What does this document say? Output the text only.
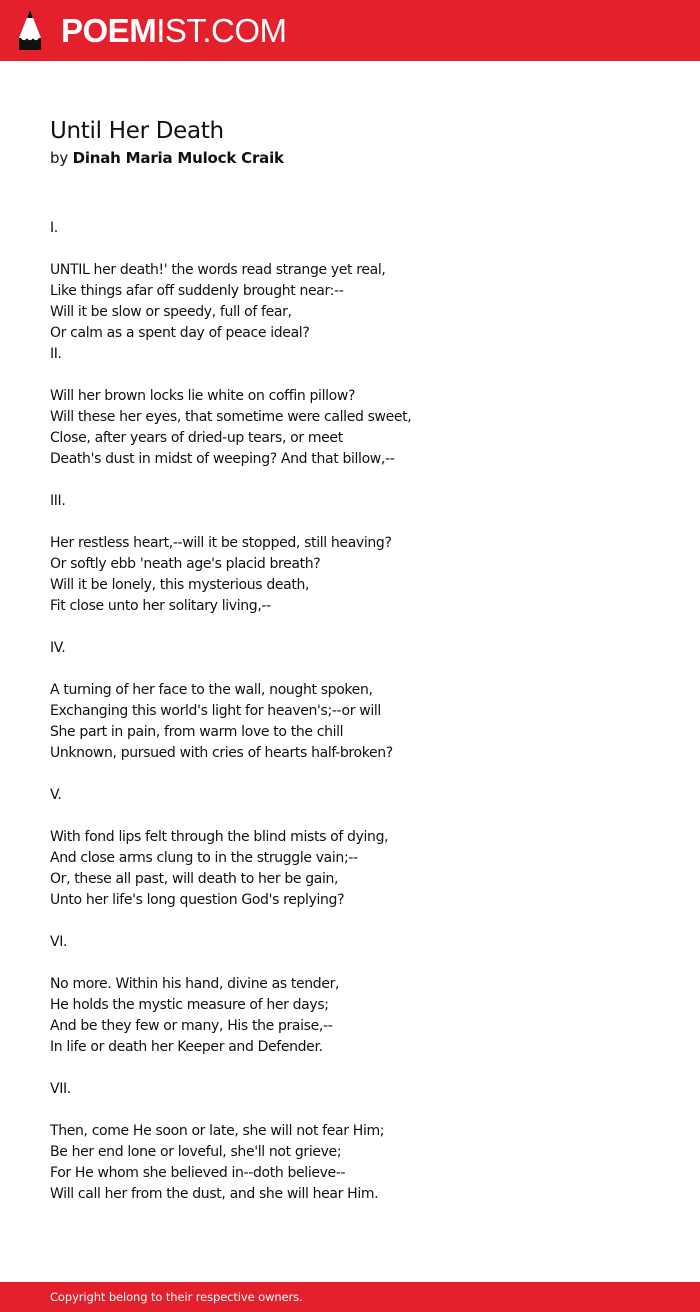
POEMIST.COM
Until Her Death
by Dinah Maria Mulock Craik
I.
UNTIL her death!' the words read strange yet real,
Like things afar off suddenly brought near:--
Will it be slow or speedy, full of fear,
Or calm as a spent day of peace ideal?
II.
Will her brown locks lie white on coffin pillow?
Will these her eyes, that sometime were called sweet,
Close, after years of dried-up tears, or meet
Death's dust in midst of weeping? And that billow,--
III.
Her restless heart,--will it be stopped, still heaving?
Or softly ebb 'neath age's placid breath?
Will it be lonely, this mysterious death,
Fit close unto her solitary living,--
IV.
A turning of her face to the wall, nought spoken,
Exchanging this world's light for heaven's;--or will
She part in pain, from warm love to the chill
Unknown, pursued with cries of hearts half-broken?
V.
With fond lips felt through the blind mists of dying,
And close arms clung to in the struggle vain;--
Or, these all past, will death to her be gain,
Unto her life's long question God's replying?
VI.
No more. Within his hand, divine as tender,
He holds the mystic measure of her days;
And be they few or many, His the praise,--
In life or death her Keeper and Defender.
VII.
Then, come He soon or late, she will not fear Him;
Be her end lone or loveful, she'll not grieve;
For He whom she believed in--doth believe--
Will call her from the dust, and she will hear Him.
Copyright belong to their respective owners.
